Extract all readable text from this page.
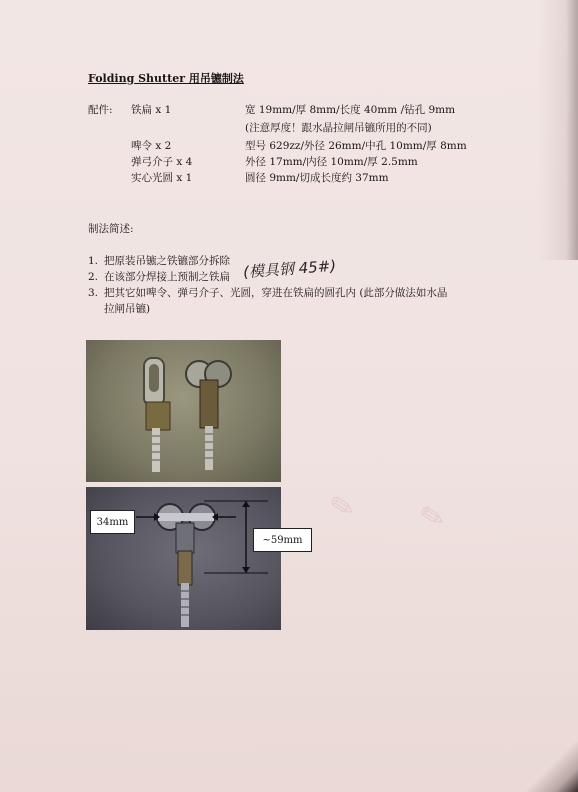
✎ ✎
Folding Shutter 用吊镳制法
配件: 铁扁 x 1	宽 19mm/厚 8mm/长度 40mm /钻孔 9mm
(注意厚度！跟水晶拉闸吊镳所用的不同)
啤令 x 2	型号 629zz/外径 26mm/中孔 10mm/厚 8mm
弹弓介子 x 4	外径 17mm/内径 10mm/厚 2.5mm
实心光圆 x 1	圆径 9mm/切成长度约 37mm
制法简述:
1. 把原装吊镳之铁镳部分拆除
2. 在该部分焊接上预制之铁扁
3. 把其它如啤令、弹弓介子、光圆，穿进在铁扁的圆孔内 (此部分做法如水晶
拉闸吊镳)
(模具钢 45#)
34mm
~59mm
